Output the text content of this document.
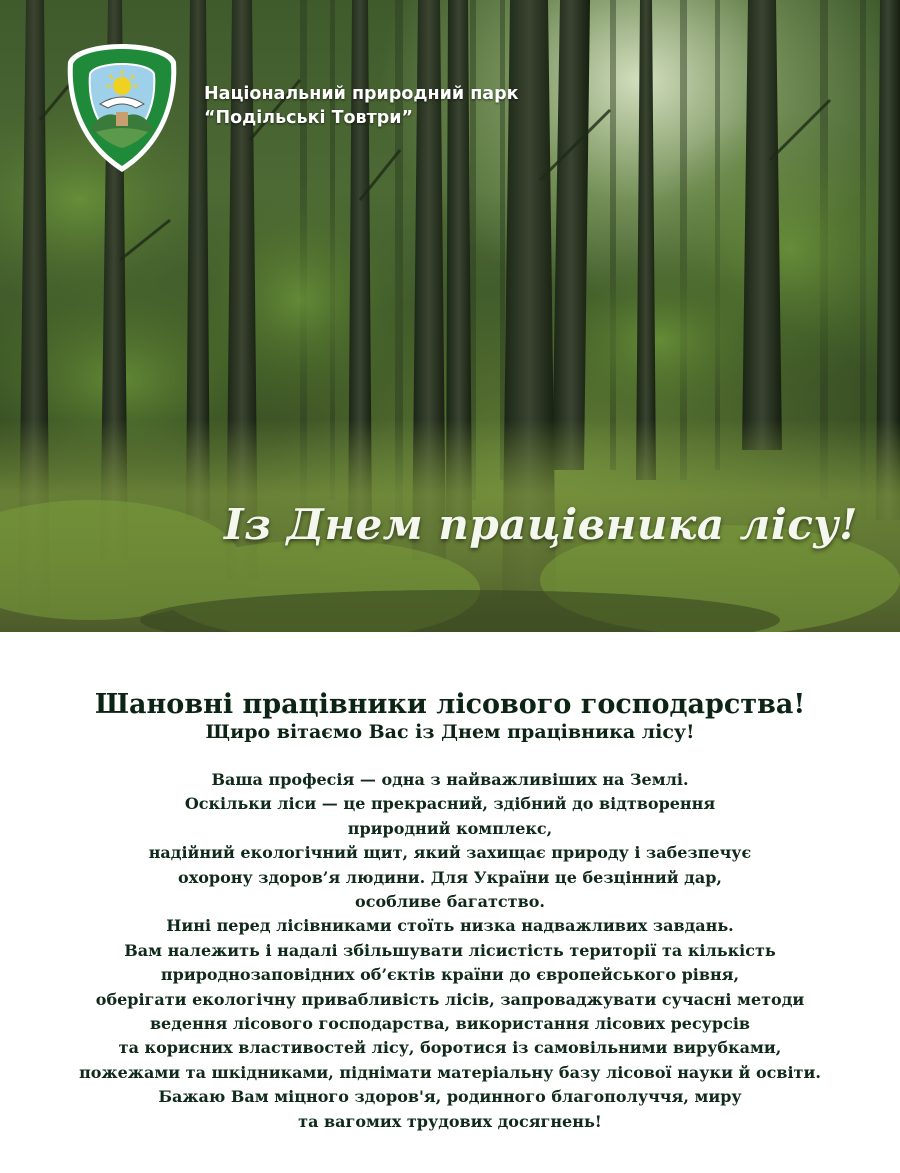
Національний природний парк
“Подільські Товтри”
Із Днем працівника лісу!
Шановні працівники лісового господарства!
Щиро вітаємо Вас із Днем працівника лісу!
Ваша професія — одна з найважливіших на Землі.
Оскільки ліси — це прекрасний, здібний до відтворення
природний комплекс,
надійний екологічний щит, який захищає природу і забезпечує
охорону здоров’я людини. Для України це безцінний дар,
особливе багатство.
Нині перед лісівниками стоїть низка надважливих завдань.
Вам належить і надалі збільшувати лісистість території та кількість
природнозаповідних об’єктів країни до європейського рівня,
оберігати екологічну привабливість лісів, запроваджувати сучасні методи
ведення лісового господарства, використання лісових ресурсів
та корисних властивостей лісу, боротися із самовільними вирубками,
пожежами та шкідниками, піднімати матеріальну базу лісової науки й освіти.
Бажаю Вам міцного здоров'я, родинного благополуччя, миру
та вагомих трудових досягнень!
